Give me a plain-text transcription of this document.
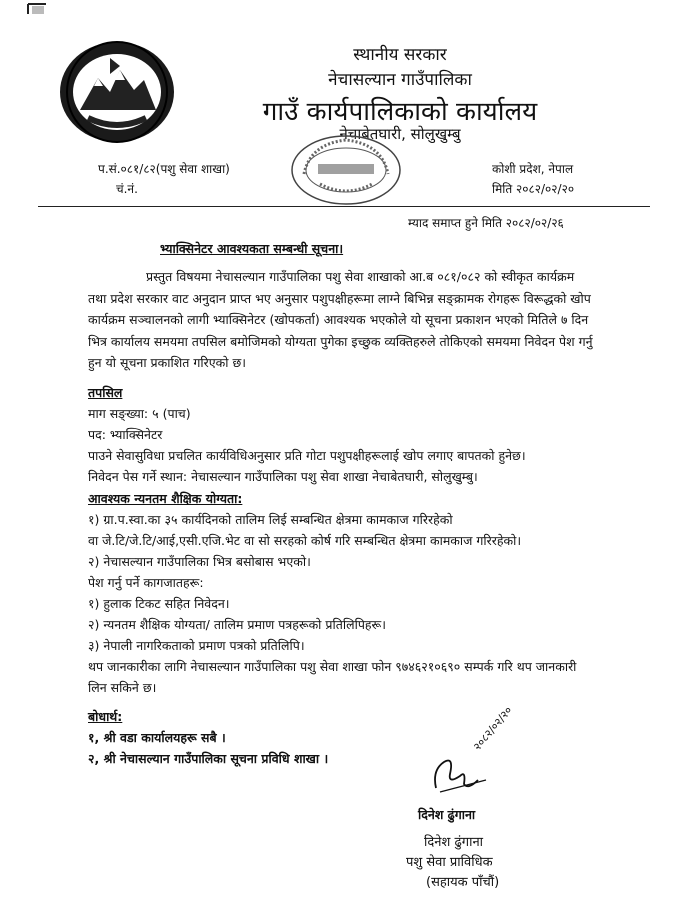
स्थानीय सरकार
नेचासल्यान गाउँपालिका
गाउँ कार्यपालिकाको कार्यालय
नेचाबेतघारी, सोलुखुम्बु
प.सं.०८१/८२(पशु सेवा शाखा)
चं.नं.
कोशी प्रदेश, नेपाल
मिति २०८२/०२/२०
म्याद समाप्त हुने मिति २०८२/०२/२६
भ्याक्सिनेटर आवश्यकता सम्बन्धी सूचना।
प्रस्तुत विषयमा नेचासल्यान गाउँपालिका पशु सेवा शाखाको आ.ब ०८१/०८२ को स्वीकृत कार्यक्रम
तथा प्रदेश सरकार वाट अनुदान प्राप्त भए अनुसार पशुपक्षीहरूमा लाग्ने बिभिन्न सङ्क्रामक रोगहरू विरूद्धको खोप
कार्यक्रम सञ्चालनको लागी भ्याक्सिनेटर (खोपकर्ता) आवश्यक भएकोले यो सूचना प्रकाशन भएको मितिले ७ दिन
भित्र कार्यालय समयमा तपसिल बमोजिमको योग्यता पुगेका इच्छुक व्यक्तिहरुले तोकिएको समयमा निवेदन पेश गर्नु
हुन यो सूचना प्रकाशित गरिएको छ।
तपसिल
माग सङ्ख्या: ५ (पाच)
पद: भ्याक्सिनेटर
पाउने सेवासुविधा प्रचलित कार्यविधिअनुसार प्रति गोटा पशुपक्षीहरूलाई खोप लगाए बापतको हुनेछ।
निवेदन पेस गर्ने स्थान: नेचासल्यान गाउँपालिका पशु सेवा शाखा नेचाबेतघारी, सोलुखुम्बु।
आवश्यक न्यनतम शैक्षिक योग्यता:
१) ग्रा.प.स्वा.का ३५ कार्यदिनको तालिम लिई सम्बन्धित क्षेत्रमा कामकाज गरिरहेको
वा जे.टि/जे.टि/आई,एसी.एजि.भेट वा सो सरहको कोर्ष गरि सम्बन्धित क्षेत्रमा कामकाज गरिरहेको।
२) नेचासल्यान गाउँपालिका भित्र बसोबास भएको।
पेश गर्नु पर्ने कागजातहरू:
१) हुलाक टिकट सहित निवेदन।
२) न्यनतम शैक्षिक योग्यता/ तालिम प्रमाण पत्रहरूको प्रतिलिपिहरू।
३) नेपाली नागरिकताको प्रमाण पत्रको प्रतिलिपि।
थप जानकारीका लागि नेचासल्यान गाउँपालिका पशु सेवा शाखा फोन ९७४६२१०६९० सम्पर्क गरि थप जानकारी
लिन सकिने छ।
बोधार्थ:
१, श्री वडा कार्यालयहरू सबै ।
२, श्री नेचासल्यान गाउँपालिका सूचना प्रविधि शाखा ।
२०८२/०२/२०
दिनेश ढुंगाना
दिनेश ढुंगाना
पशु सेवा प्राविधिक
(सहायक पाँचौं)
